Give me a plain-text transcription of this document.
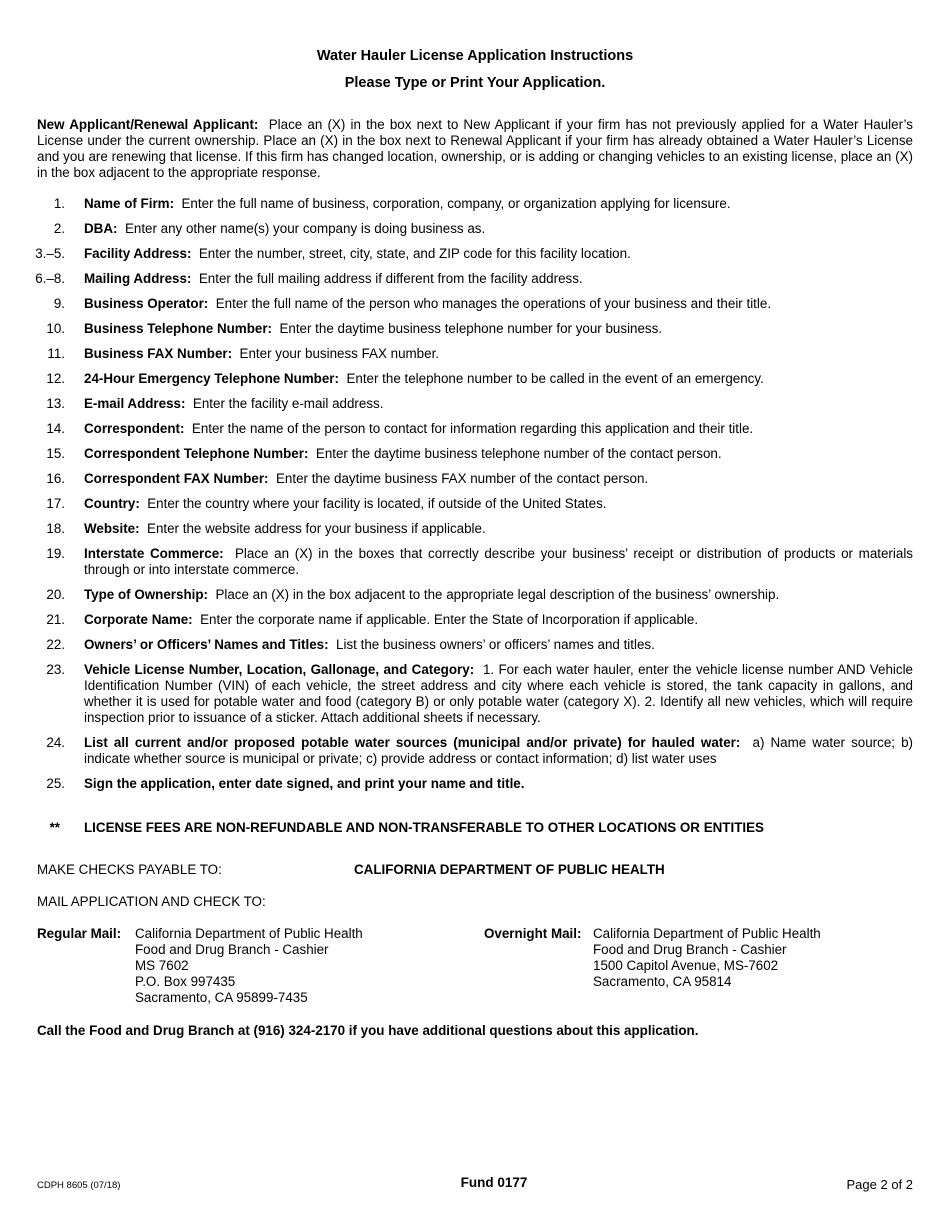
Water Hauler License Application Instructions
Please Type or Print Your Application.
New Applicant/Renewal Applicant: Place an (X) in the box next to New Applicant if your firm has not previously applied for a Water Hauler’s License under the current ownership. Place an (X) in the box next to Renewal Applicant if your firm has already obtained a Water Hauler’s License and you are renewing that license. If this firm has changed location, ownership, or is adding or changing vehicles to an existing license, place an (X) in the box adjacent to the appropriate response.
1. Name of Firm: Enter the full name of business, corporation, company, or organization applying for licensure.
2. DBA: Enter any other name(s) your company is doing business as.
3.–5. Facility Address: Enter the number, street, city, state, and ZIP code for this facility location.
6.–8. Mailing Address: Enter the full mailing address if different from the facility address.
9. Business Operator: Enter the full name of the person who manages the operations of your business and their title.
10. Business Telephone Number: Enter the daytime business telephone number for your business.
11. Business FAX Number: Enter your business FAX number.
12. 24-Hour Emergency Telephone Number: Enter the telephone number to be called in the event of an emergency.
13. E-mail Address: Enter the facility e-mail address.
14. Correspondent: Enter the name of the person to contact for information regarding this application and their title.
15. Correspondent Telephone Number: Enter the daytime business telephone number of the contact person.
16. Correspondent FAX Number: Enter the daytime business FAX number of the contact person.
17. Country: Enter the country where your facility is located, if outside of the United States.
18. Website: Enter the website address for your business if applicable.
19. Interstate Commerce: Place an (X) in the boxes that correctly describe your business’ receipt or distribution of products or materials through or into interstate commerce.
20. Type of Ownership: Place an (X) in the box adjacent to the appropriate legal description of the business’ ownership.
21. Corporate Name: Enter the corporate name if applicable. Enter the State of Incorporation if applicable.
22. Owners’ or Officers’ Names and Titles: List the business owners’ or officers’ names and titles.
23. Vehicle License Number, Location, Gallonage, and Category: 1. For each water hauler, enter the vehicle license number AND Vehicle Identification Number (VIN) of each vehicle, the street address and city where each vehicle is stored, the tank capacity in gallons, and whether it is used for potable water and food (category B) or only potable water (category X). 2. Identify all new vehicles, which will require inspection prior to issuance of a sticker. Attach additional sheets if necessary.
24. List all current and/or proposed potable water sources (municipal and/or private) for hauled water: a) Name water source; b) indicate whether source is municipal or private; c) provide address or contact information; d) list water uses
25. Sign the application, enter date signed, and print your name and title.
** LICENSE FEES ARE NON-REFUNDABLE AND NON-TRANSFERABLE TO OTHER LOCATIONS OR ENTITIES
MAKE CHECKS PAYABLE TO:	CALIFORNIA DEPARTMENT OF PUBLIC HEALTH
MAIL APPLICATION AND CHECK TO:
Regular Mail: California Department of Public Health
Food and Drug Branch - Cashier
MS 7602
P.O. Box 997435
Sacramento, CA 95899-7435
Overnight Mail: California Department of Public Health
Food and Drug Branch - Cashier
1500 Capitol Avenue, MS-7602
Sacramento, CA 95814
Call the Food and Drug Branch at (916) 324-2170 if you have additional questions about this application.
CDPH 8605 (07/18)	Fund 0177	Page 2 of 2
